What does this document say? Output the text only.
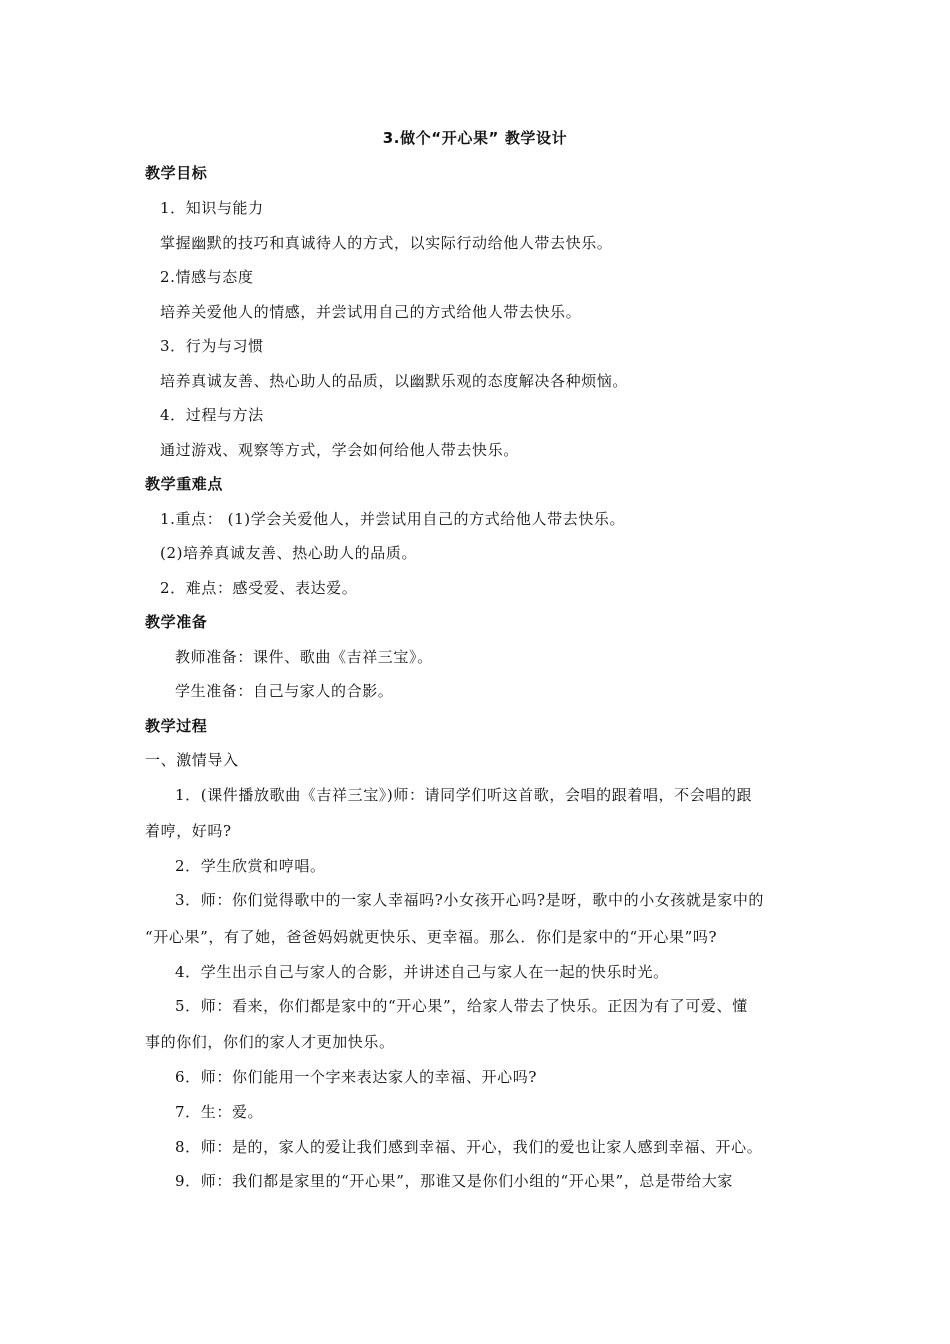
3.做个“开心果” 教学设计
教学目标
1．知识与能力
掌握幽默的技巧和真诚待人的方式，以实际行动给他人带去快乐。
2.情感与态度
培养关爱他人的情感，并尝试用自己的方式给他人带去快乐。
3．行为与习惯
培养真诚友善、热心助人的品质，以幽默乐观的态度解决各种烦恼。
4．过程与方法
通过游戏、观察等方式，学会如何给他人带去快乐。
教学重难点
1.重点： (1)学会关爱他人，并尝试用自己的方式给他人带去快乐。
(2)培养真诚友善、热心助人的品质。
2．难点：感受爱、表达爱。
教学准备
教师准备：课件、歌曲《吉祥三宝》。
学生准备：自己与家人的合影。
教学过程
一、激情导入
1．(课件播放歌曲《吉祥三宝》)师：请同学们听这首歌，会唱的跟着唱，不会唱的跟
着哼，好吗?
2．学生欣赏和哼唱。
3．师：你们觉得歌中的一家人幸福吗?小女孩开心吗?是呀，歌中的小女孩就是家中的
“开心果”，有了她，爸爸妈妈就更快乐、更幸福。那么．你们是家中的“开心果”吗?
4．学生出示自己与家人的合影，并讲述自己与家人在一起的快乐时光。
5．师：看来，你们都是家中的“开心果”，给家人带去了快乐。正因为有了可爱、懂
事的你们，你们的家人才更加快乐。
6．师：你们能用一个字来表达家人的幸福、开心吗?
7．生：爱。
8．师：是的，家人的爱让我们感到幸福、开心，我们的爱也让家人感到幸福、开心。
9．师：我们都是家里的“开心果”，那谁又是你们小组的“开心果”，总是带给大家
